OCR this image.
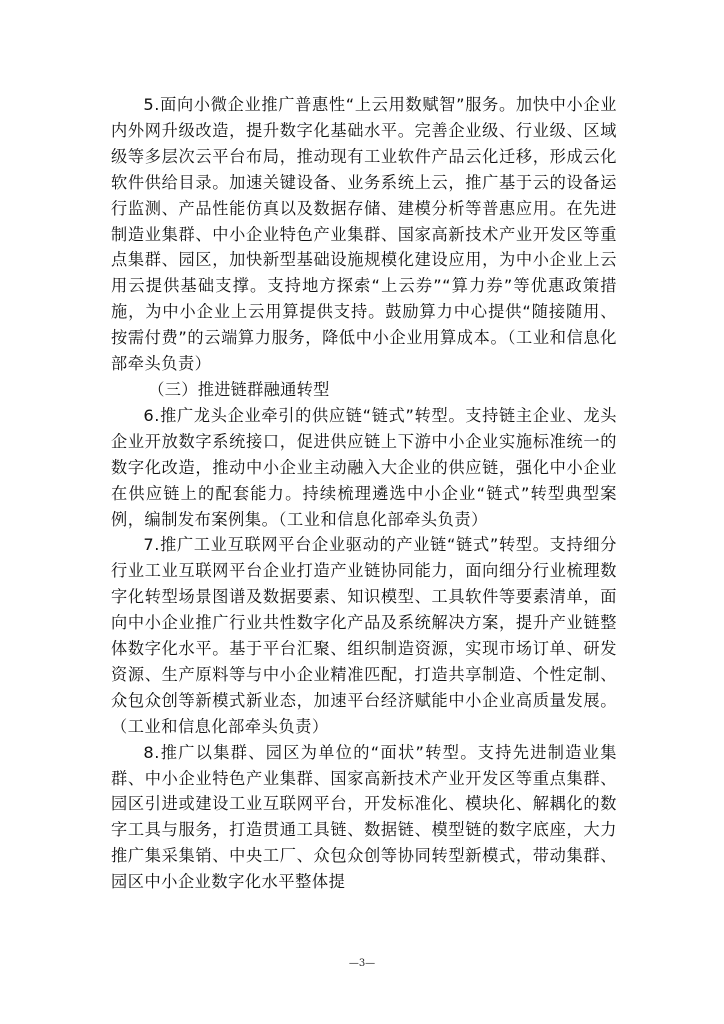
5.面向小微企业推广普惠性“上云用数赋智”服务。加快中小企业内外网升级改造，提升数字化基础水平。完善企业级、行业级、区域级等多层次云平台布局，推动现有工业软件产品云化迁移，形成云化软件供给目录。加速关键设备、业务系统上云，推广基于云的设备运行监测、产品性能仿真以及数据存储、建模分析等普惠应用。在先进制造业集群、中小企业特色产业集群、国家高新技术产业开发区等重点集群、园区，加快新型基础设施规模化建设应用，为中小企业上云用云提供基础支撑。支持地方探索“上云券”“算力券”等优惠政策措施，为中小企业上云用算提供支持。鼓励算力中心提供“随接随用、按需付费”的云端算力服务，降低中小企业用算成本。（工业和信息化部牵头负责）

（三）推进链群融通转型

6.推广龙头企业牵引的供应链“链式”转型。支持链主企业、龙头企业开放数字系统接口，促进供应链上下游中小企业实施标准统一的数字化改造，推动中小企业主动融入大企业的供应链，强化中小企业在供应链上的配套能力。持续梳理遴选中小企业“链式”转型典型案例，编制发布案例集。（工业和信息化部牵头负责）

7.推广工业互联网平台企业驱动的产业链“链式”转型。支持细分行业工业互联网平台企业打造产业链协同能力，面向细分行业梳理数字化转型场景图谱及数据要素、知识模型、工具软件等要素清单，面向中小企业推广行业共性数字化产品及系统解决方案，提升产业链整体数字化水平。基于平台汇聚、组织制造资源，实现市场订单、研发资源、生产原料等与中小企业精准匹配，打造共享制造、个性定制、众包众创等新模式新业态，加速平台经济赋能中小企业高质量发展。（工业和信息化部牵头负责）

8.推广以集群、园区为单位的“面状”转型。支持先进制造业集群、中小企业特色产业集群、国家高新技术产业开发区等重点集群、园区引进或建设工业互联网平台，开发标准化、模块化、解耦化的数字工具与服务，打造贯通工具链、数据链、模型链的数字底座，大力推广集采集销、中央工厂、众包众创等协同转型新模式，带动集群、园区中小企业数字化水平整体提

—3—
